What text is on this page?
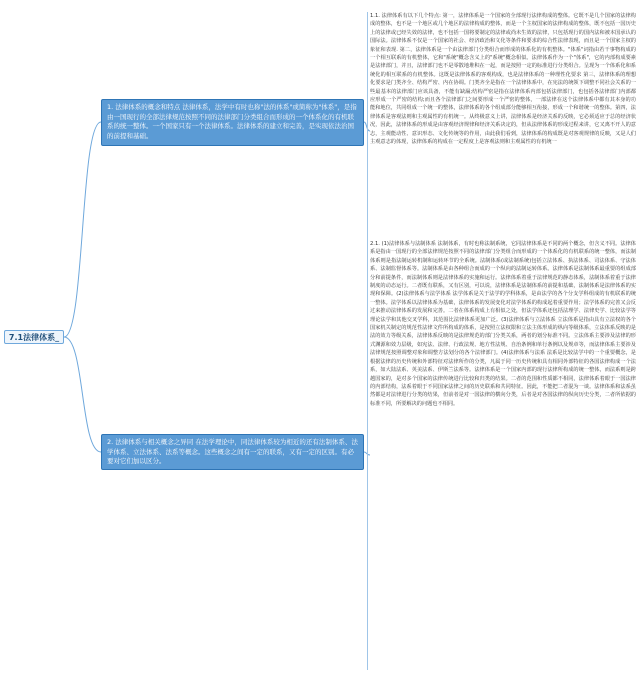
7.1法律体系_
1. 法律体系的概念和特点 法律体系，法学中有时也称"法的体系"或简称为"体系"，是指由一国现行的全部法律规范按照不同的法律部门分类组合而形成的一个体系化的有机联系的统一整体。一个国家只有一个法律体系。法律体系的建立和完善，是实现依法治国的前提和基础。
2. 法律体系与相关概念之异同 在法学理论中，同法律体系较为相近的还有法制体系、法学体系、立法体系、法系等概念。这些概念之间有一定的联系，又有一定的区别。有必要对它们加以区分。
1.1. 法律体系有以下几个特点: 第一，法律体系是一个国家的全部现行法律构成的整体。它既不是几个国家的法律构成的整体，也不是一个地区或几个地区的法律构成的整体，而是一个主权国家的法律构成的整体，既不包括一国历史上的法律或已经失效的法律，也不包括一国将要制定的法律或尚未生效的法律，只包括现行的国内法和被本国承认的国际法。法律体系不仅是一个国家的社会、经济政治和文化等条件和要求的综合性法律表现，而且是一个国家主权的象征和表现. 第二，法律体系是一个由法律部门分类组合而形成的体系化的有机整体。"体系"词指由若干事物构成的一个相互联系的有机整体，它和"系统"概念含义上的"系统"概念相似。法律体系作为一个"体系"，它的内部构成要素是法律部门，并且，法律部门也不是零散地堆积在一起，而是按照一定的标准进行分类组合。呈现为一个体系化和系统化的相互联系的有机整体。这既是法律体系的客观构成，也是法律体系的一种理性化要求 第三，法律体系的理想化要求是门类齐全、结构严密、内在协调。门类齐全是指在一个法律体系中，在宪法的统领下调整不同社会关系的一些最基本的法律部门应该具备，不能有缺漏;结构严密是指在法律体系内部包括法律部门，也包括各法律部门内部都应形成一个严密的结构;而且各个法律部门之间要形成一个严密的整体，一部法律在这个法律体系中都有其本身的功能和地位，共同组成一个统一的整体，法律体系的各个组成部分能够相互衔接，形成一个和谐统一的整体。第四，法律体系是客观法则和主观属性的有机统一。从终极意义上讲，法律体系是经济关系的反映，它必须适应于总的经济状况，因此，法律体系的形成是由客观经济规律和经济关系决定的，但从法律体系的形成过程来讲，它又离不开人的意志，主观能动性、意识形态、文化传统等的作用，由此我们看到，法律体系的构成既是对客观规律的反映，又是人们主观意志的体现，法律体系的构成在一定程度上是客观法则和主观属性的有机统一
2.1. (1)法律体系与法制体系 法制体系，有时也称法制系统，它同法律体系是不同的两个概念，但含义不同。法律体系是指由一国现行的全部法律规范按照不同的法律部门分类组合而形成的一个体系化的有机联系的统一整体，而法制体系则是指法制运转机制和运转环节的全系统。法制体系(或法制系统)包括立法体系、执法体系、司法体系、守法体系、法制监督体系等。法制体系是由各种组合而成的一个纵向的法制运转体系。法律体系是法制体系最重要的组成部分和前提条件，而法制体系则是法律体系的实施和运行。法律体系着重于法律规范的静态体系，法制体系着重于法律制度的动态运行。二者既有联系，又有区别，可以说，法律体系是法制体系的前提和基础，法制体系是法律体系的实现和保障。(2)法律体系与法学体系 法学体系是关于法学的学科体系，是由法学的各个分支学科组成的有机联系的统一整体。法学体系以法律体系为基础，法律体系的发展变化对法学体系的构成起着重要作用；法学体系的完善又会反过来推动法律体系的发展和完善。二者在体系构成上有相似之处，但法学体系还包括法理学、法律史学、比较法学等理论法学和其他交叉学科，其范围比法律体系更加广泛。(3)法律体系与立法体系 立法体系是指由具有立法权的各个国家机关制定的规范性法律文件所构成的体系，是按照立法权限和立法主体形成的纵向等级体系，立法体系反映的是法的效力等级关系，法律体系反映的是法律规范的部门分类关系，两者的划分标准不同。立法体系主要涉及法律的形式渊源和效力层级，如宪法、法律、行政法规、地方性法规、自治条例和单行条例以及规章等，而法律体系主要涉及法律规范按照调整对象和调整方法划分的各个法律部门。(4)法律体系与法系 法系是比较法学中的一个重要概念，是根据法律的历史传统和外部特征对法律所作的分类，凡属于同一历史传统和具有相同外部特征的各国法律构成一个法系，如大陆法系、英美法系、伊斯兰法系等。法律体系是一个国家内部的现行法律所构成的统一整体，而法系则是跨越国家的，是对多个国家的法律传统进行比较和归类的结果。二者的范围和性质都不相同，法律体系着眼于一国法律的内部结构，法系着眼于不同国家法律之间的历史联系和共同特征。因此，不能把二者混为一谈。法律体系和法系虽然都是对法律进行分类的结果，但前者是对一国法律的横向分类，后者是对各国法律的纵向历史分类，二者所依据的标准不同，所要解决的问题也不相同。
